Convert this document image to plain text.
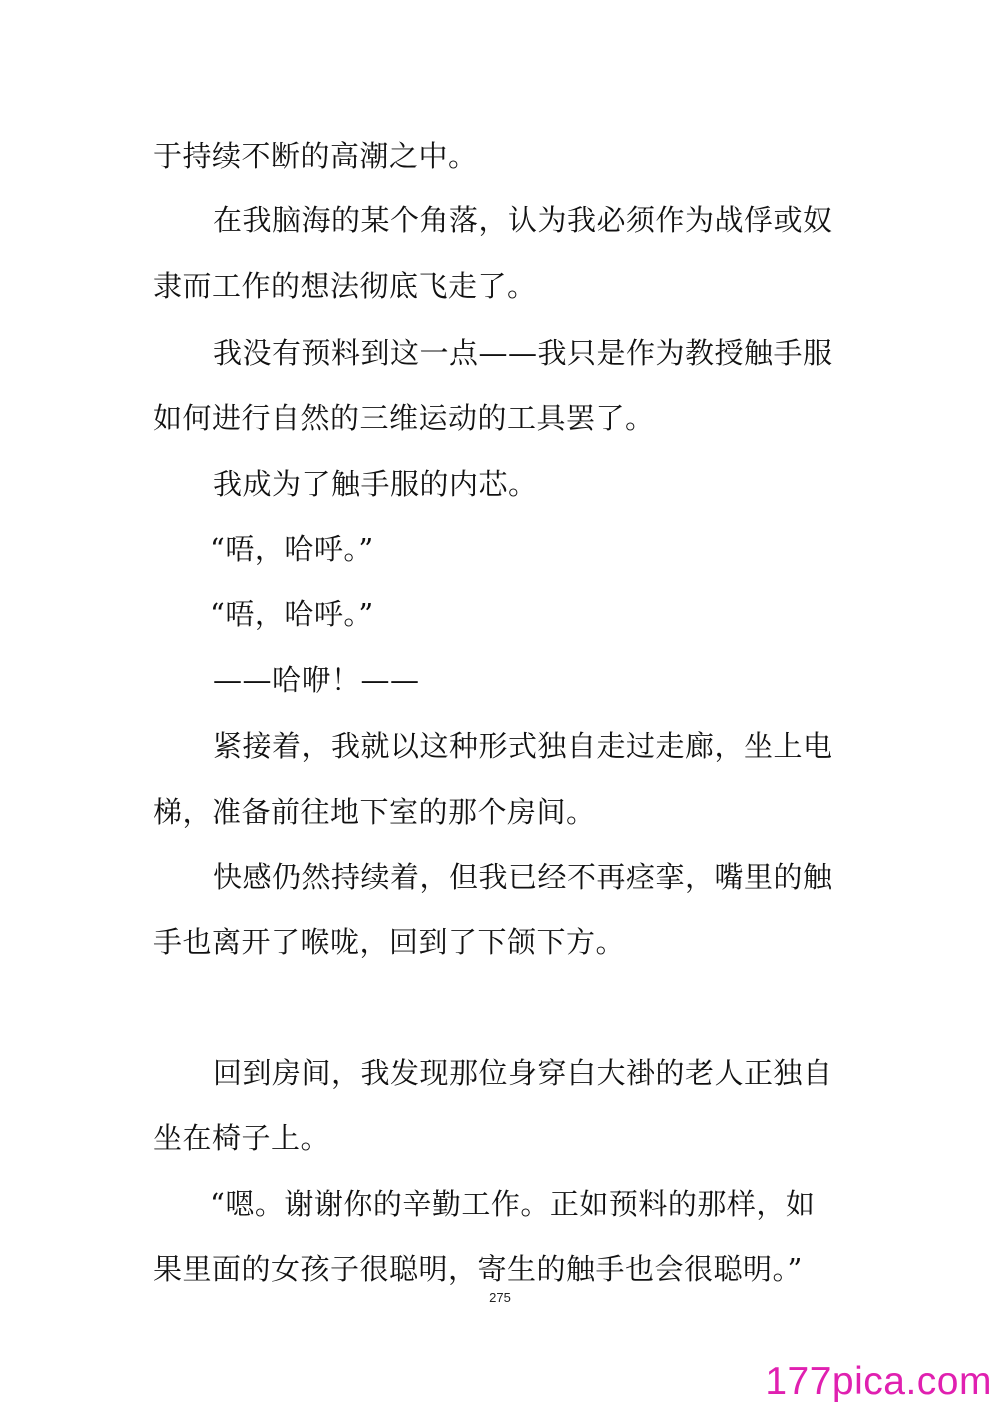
于持续不断的高潮之中。
在我脑海的某个角落，认为我必须作为战俘或奴
隶而工作的想法彻底飞走了。
我没有预料到这一点——我只是作为教授触手服
如何进行自然的三维运动的工具罢了。
我成为了触手服的内芯。
“唔，哈呼。”
“唔，哈呼。”
——哈咿！——
紧接着，我就以这种形式独自走过走廊，坐上电
梯，准备前往地下室的那个房间。
快感仍然持续着，但我已经不再痉挛，嘴里的触
手也离开了喉咙，回到了下颌下方。
回到房间，我发现那位身穿白大褂的老人正独自
坐在椅子上。
“嗯。谢谢你的辛勤工作。正如预料的那样，如
果里面的女孩子很聪明，寄生的触手也会很聪明。”
275
177pica.com
